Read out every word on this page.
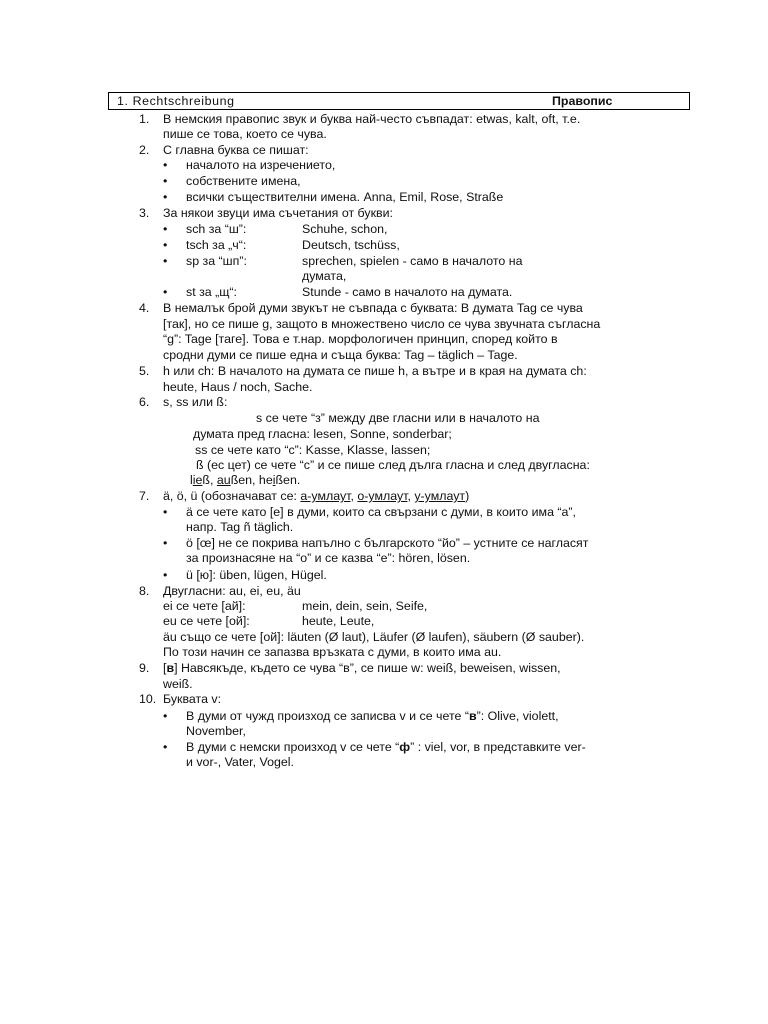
1. Rechtschreibung	Правопис
1. В немския правопис звук и буква най-често съвпадат: etwas, kalt, oft, т.е.
пише се това, което се чува.
2. С главна буква се пишат:
• началото на изречението,
• собствените имена,
• всички съществителни имена. Anna, Emil, Rose, Straße
3. За някои звуци има съчетания от букви:
• sch за “ш”:	Schuhe, schon,
• tsch за „ч“:	Deutsch, tschüss,
• sp за “шп”:	sprechen, spielen - само в началото на
думата,
• st за „щ“:	Stunde - само в началото на думата.
4. В немалък брой думи звукът не съвпада с буквата: В думата Tag се чува
[так], но се пише g, защото в множествено число се чува звучната съгласна
“g”: Tage [таге]. Това е т.нар. морфологичен принцип, според който в
сродни думи се пише една и съща буква: Tag – täglich – Tage.
5. h или ch: В началото на думата се пише h, а вътре и в края на думата ch:
heute, Haus / noch, Sache.
6. s, ss или ß:
s се чете “з” между две гласни или в началото на
думата пред гласна: lesen, Sonne, sonderbar;
ss се чете като “с”: Kasse, Klasse, lassen;
ß (ес цет) се чете “с” и се пише след дълга гласна и след двугласна:
ließ, außen, heißen.
7. ä, ö, ü (обозначават се: а-умлаут, о-умлаут, у-умлаут)
• ä се чете като [е] в думи, които са свързани с думи, в които има “а”,
напр. Tag ñ täglich.
• ö [œ] не се покрива напълно с българското “йо” – устните се нагласят
за произнасяне на “о” и се казва “е”: hören, lösen.
• ü [ю]: üben, lügen, Hügel.
8. Двугласни: au, ei, eu, äu
ei се чете [ай]:	mein, dein, sein, Seife,
eu се чете [ой]:	heute, Leute,
äu също се чете [ой]: läuten (Ø laut), Läufer (Ø laufen), säubern (Ø sauber).
По този начин се запазва връзката с думи, в които има au.
9. [в] Навсякъде, където се чува “в”, се пише w: weiß, beweisen, wissen,
weiß.
10. Буквата v:
• В думи от чужд произход се записва v и се чете “в”: Olive, violett,
November,
• В думи с немски произход v се чете “ф” : viel, vor, в представките ver-
и vor-, Vater, Vogel.
